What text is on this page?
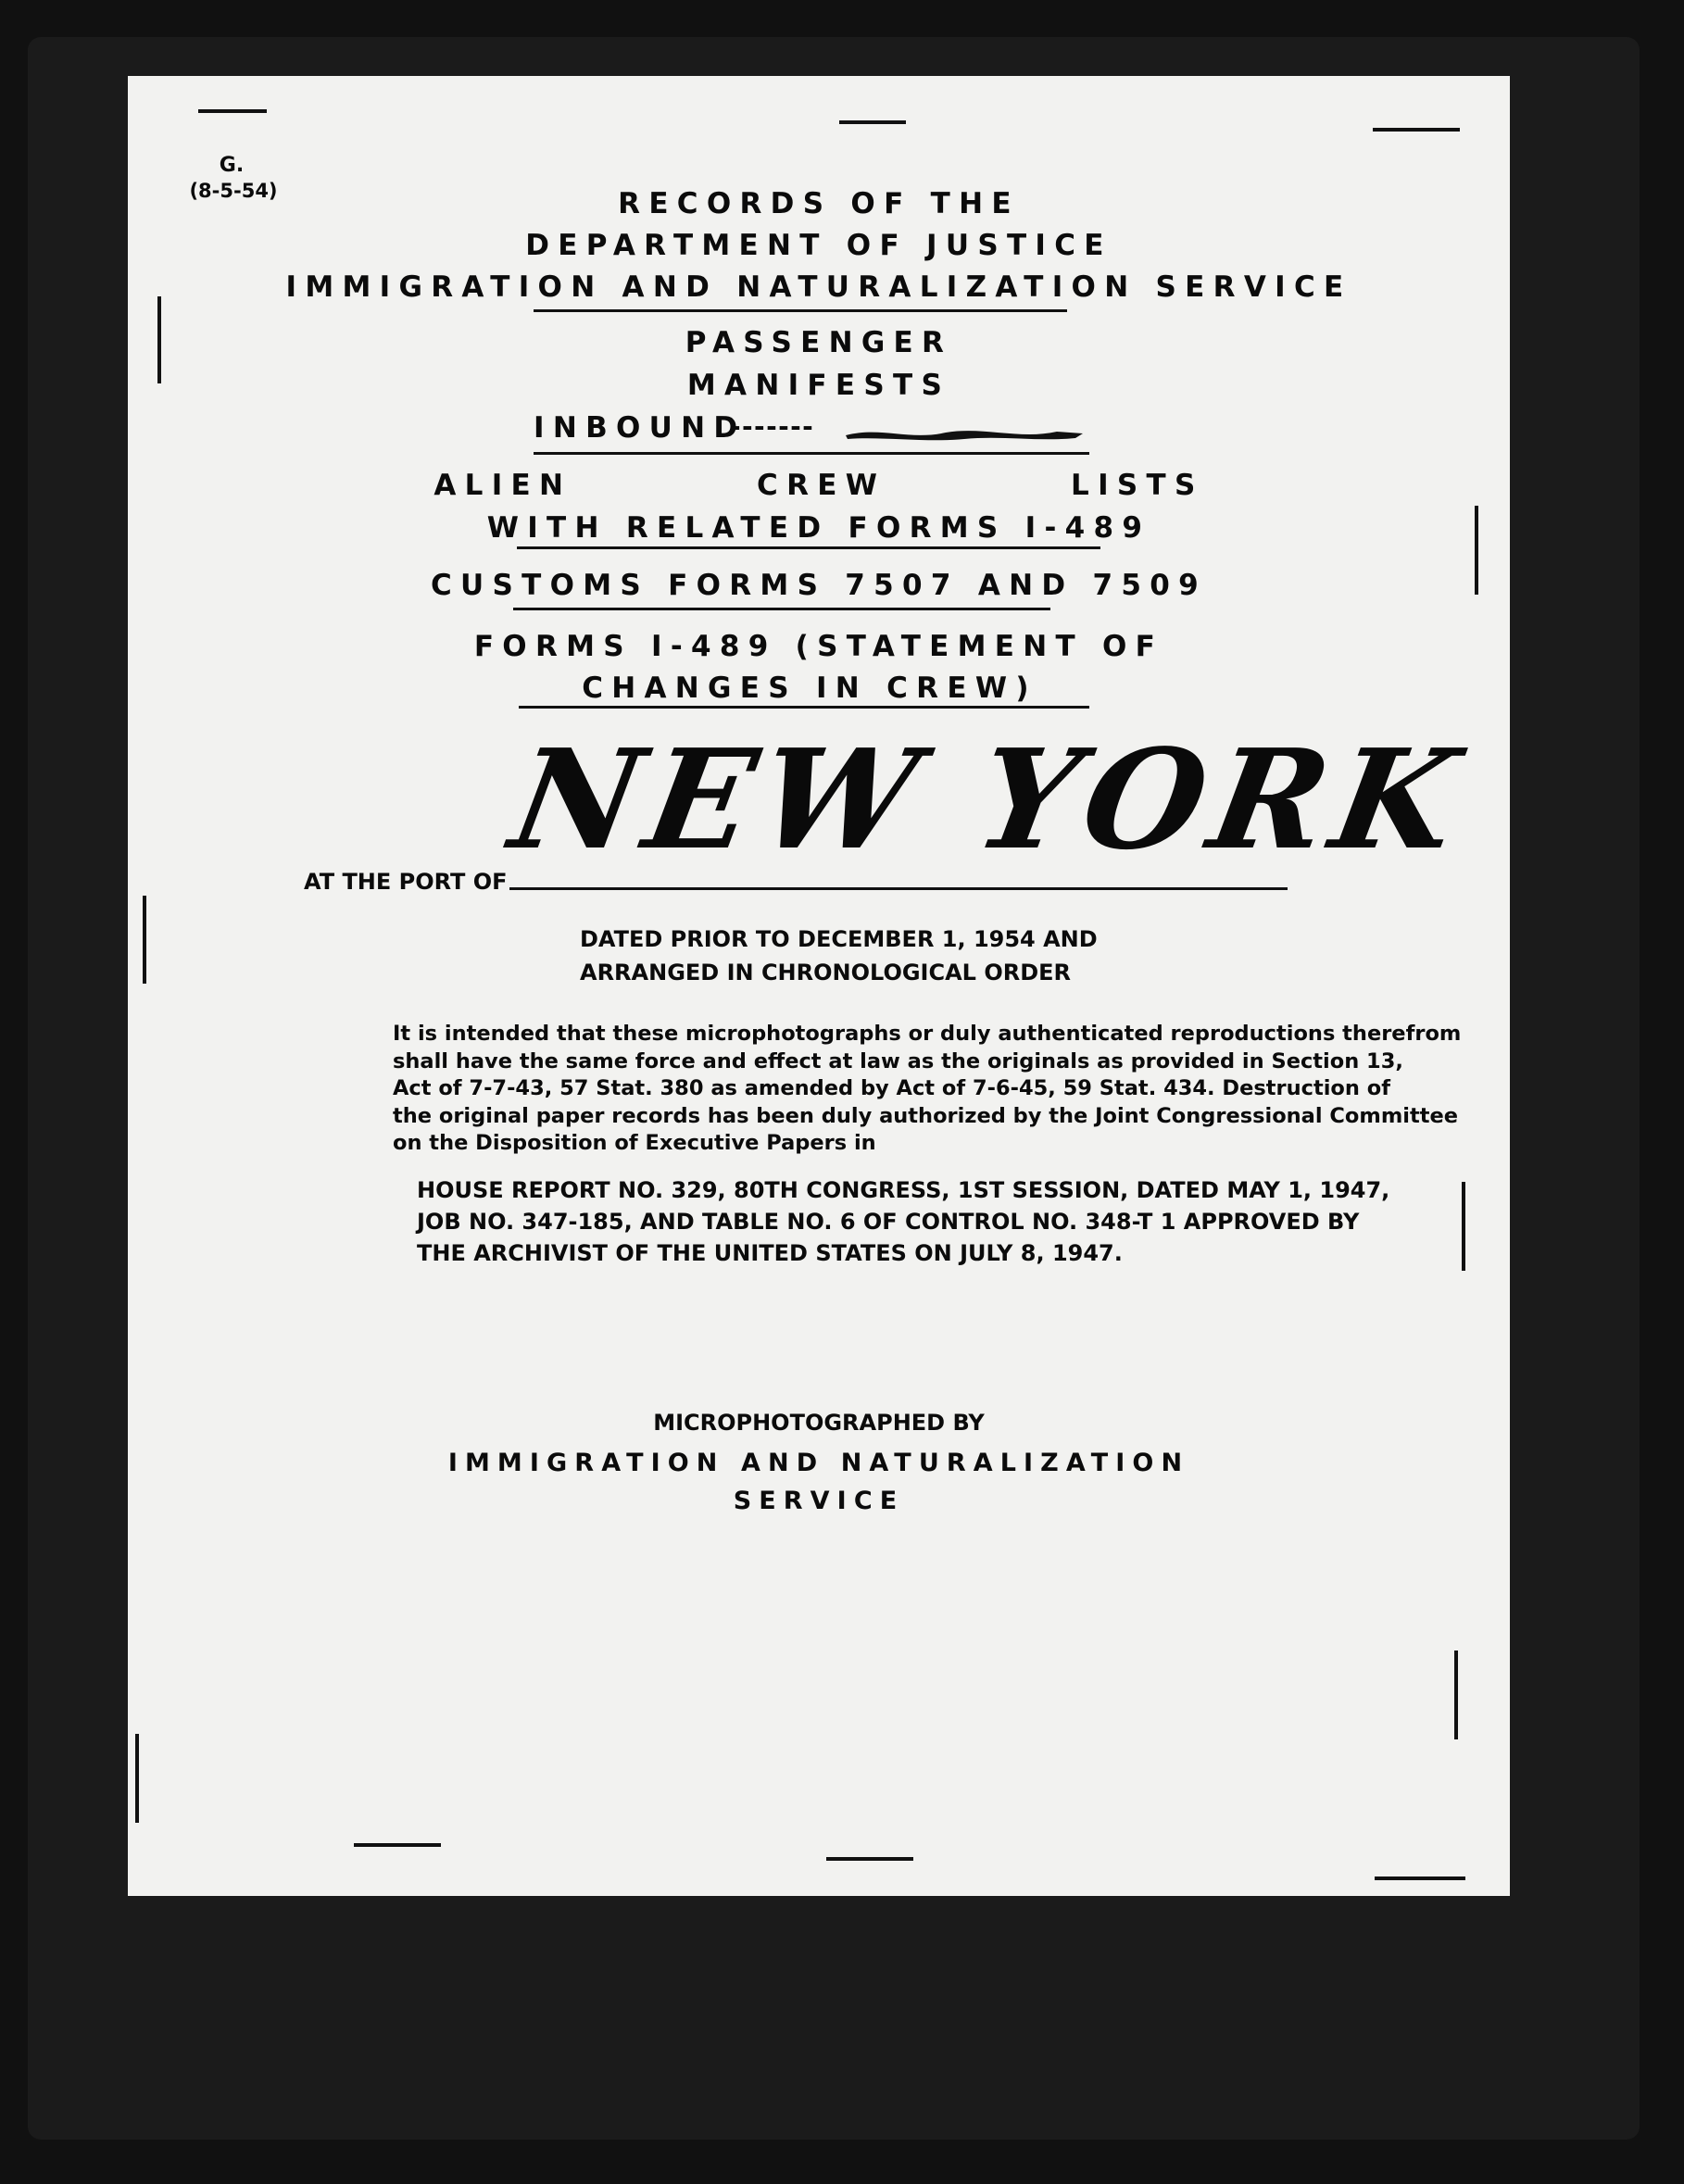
G.
(8-5-54)	RECORDS OF THE
DEPARTMENT OF JUSTICE
IMMIGRATION AND NATURALIZATION SERVICE
PASSENGER
MANIFESTS
INBOUND
-------
ALIEN   CREW   LISTS
WITH RELATED FORMS I-489
CUSTOMS FORMS 7507 AND 7509
FORMS I-489 (STATEMENT OF
CHANGES IN CREW)
AT THE PORT OF
NEW YORK
DATED PRIOR TO DECEMBER 1, 1954 AND
ARRANGED IN CHRONOLOGICAL ORDER
It is intended that these microphotographs or duly authenticated reproductions therefrom
shall have the same force and effect at law as the originals as provided in Section 13,
Act of 7-7-43, 57 Stat. 380 as amended by Act of 7-6-45, 59 Stat. 434. Destruction of
the original paper records has been duly authorized by the Joint Congressional Committee
on the Disposition of Executive Papers in
HOUSE REPORT NO. 329, 80TH CONGRESS, 1ST SESSION, DATED MAY 1, 1947,
JOB NO. 347-185, AND TABLE NO. 6 OF CONTROL NO. 348-T 1 APPROVED BY
THE ARCHIVIST OF THE UNITED STATES ON JULY 8, 1947.
MICROPHOTOGRAPHED BY
IMMIGRATION AND NATURALIZATION
SERVICE
